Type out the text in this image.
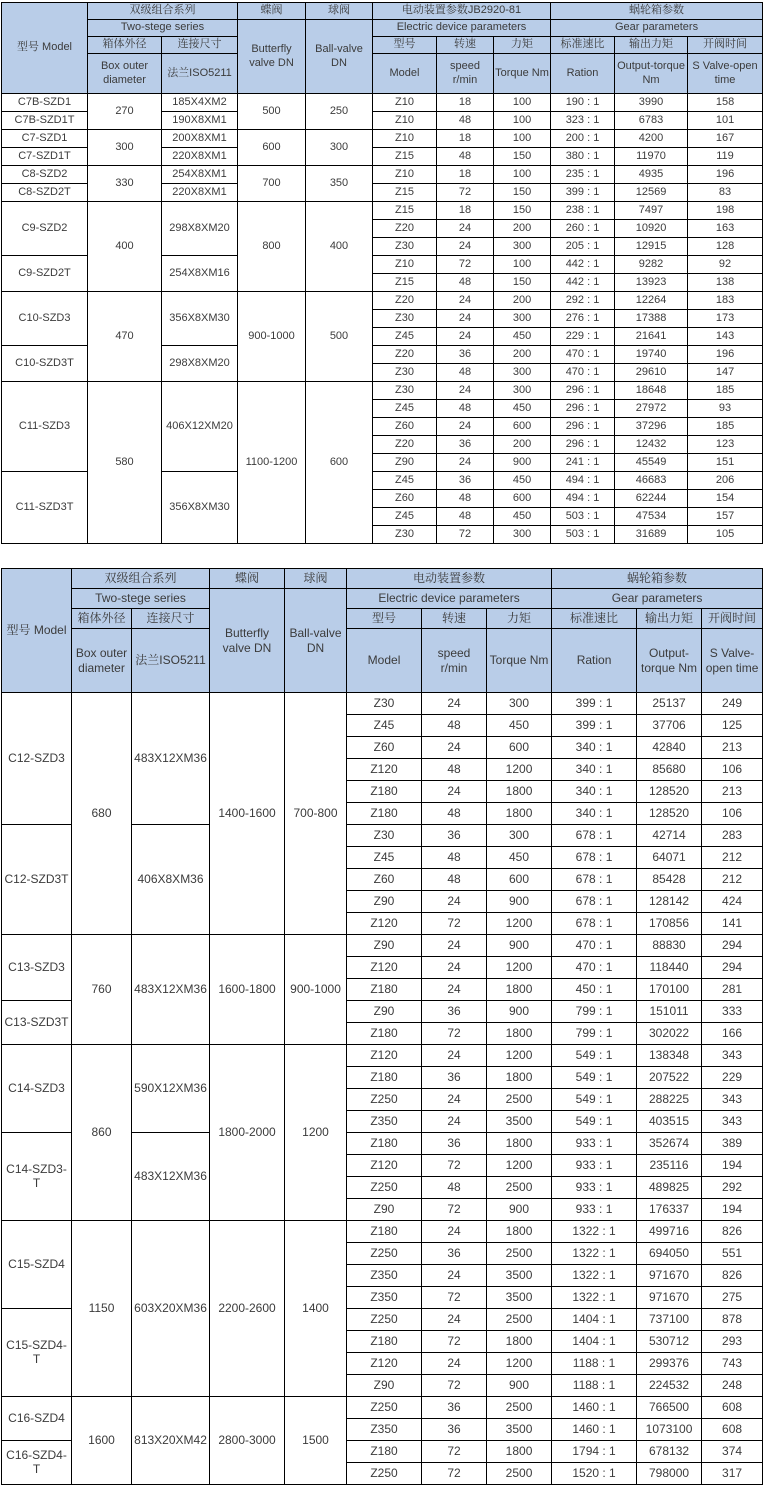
型号 Model	双级组合系列		蝶阀	球阀	电动装置参数JB2920-81			蜗轮箱参数		
	Two-stege series		Butterfly valve DN	Ball-valve DN	Electric device parameters			Gear parameters		
	箱体外径	连接尺寸			型号	转速	力矩	标准速比	输出力矩	开阀时间
	Box outer diameter	法兰ISO5211			Model	speed r/min	Torque Nm	Ration	Output-torque Nm	S Valve-open time
C7B-SZD1	270	185X4XM2	500	250	Z10	18	100	190 : 1	3990	158
C7B-SZD1T		190X8XM1			Z10	48	100	323 : 1	6783	101
C7-SZD1	300	200X8XM1	600	300	Z10	18	100	200 : 1	4200	167
C7-SZD1T		220X8XM1			Z15	48	150	380 : 1	11970	119
C8-SZD2	330	254X8XM1	700	350	Z10	18	100	235 : 1	4935	196
C8-SZD2T		220X8XM1			Z15	72	150	399 : 1	12569	83
C9-SZD2	400	298X8XM20	800	400	Z15	18	150	238 : 1	7497	198
					Z20	24	200	260 : 1	10920	163
					Z30	24	300	205 : 1	12915	128
C9-SZD2T		254X8XM16			Z10	72	100	442 : 1	9282	92
					Z15	48	150	442 : 1	13923	138
C10-SZD3	470	356X8XM30	900-1000	500	Z20	24	200	292 : 1	12264	183
					Z30	24	300	276 : 1	17388	173
					Z45	24	450	229 : 1	21641	143
C10-SZD3T		298X8XM20			Z20	36	200	470 : 1	19740	196
					Z30	48	300	470 : 1	29610	147
C11-SZD3	580	406X12XM20	1100-1200	600	Z30	24	300	296 : 1	18648	185
					Z45	48	450	296 : 1	27972	93
					Z60	24	600	296 : 1	37296	185
					Z20	36	200	296 : 1	12432	123
					Z90	24	900	241 : 1	45549	151
C11-SZD3T		356X8XM30			Z45	36	450	494 : 1	46683	206
					Z60	48	600	494 : 1	62244	154
					Z45	48	450	503 : 1	47534	157
					Z30	72	300	503 : 1	31689	105
型号 Model	双级组合系列		蝶阀	球阀	电动装置参数			蜗轮箱参数		
	Two-stege series		Butterfly valve DN	Ball-valve DN	Electric device parameters			Gear parameters		
	箱体外径	连接尺寸			型号	转速	力矩	标准速比	输出力矩	开阀时间
	Box outer diameter	法兰ISO5211			Model	speed r/min	Torque Nm	Ration	Output-torque Nm	S Valve-open time
C12-SZD3	680	483X12XM36	1400-1600	700-800	Z30	24	300	399 : 1	25137	249
					Z45	48	450	399 : 1	37706	125
					Z60	24	600	340 : 1	42840	213
					Z120	48	1200	340 : 1	85680	106
					Z180	24	1800	340 : 1	128520	213
					Z180	48	1800	340 : 1	128520	106
C12-SZD3T		406X8XM36			Z30	36	300	678 : 1	42714	283
					Z45	48	450	678 : 1	64071	212
					Z60	48	600	678 : 1	85428	212
					Z90	24	900	678 : 1	128142	424
					Z120	72	1200	678 : 1	170856	141
C13-SZD3	760	483X12XM36	1600-1800	900-1000	Z90	24	900	470 : 1	88830	294
					Z120	24	1200	470 : 1	118440	294
					Z180	24	1800	450 : 1	170100	281
C13-SZD3T					Z90	36	900	799 : 1	151011	333
					Z180	72	1800	799 : 1	302022	166
C14-SZD3	860	590X12XM36	1800-2000	1200	Z120	24	1200	549 : 1	138348	343
					Z180	36	1800	549 : 1	207522	229
					Z250	24	2500	549 : 1	288225	343
					Z350	24	3500	549 : 1	403515	343
C14-SZD3-T		483X12XM36			Z180	36	1800	933 : 1	352674	389
					Z120	72	1200	933 : 1	235116	194
					Z250	48	2500	933 : 1	489825	292
					Z90	72	900	933 : 1	176337	194
C15-SZD4	1150	603X20XM36	2200-2600	1400	Z180	24	1800	1322 : 1	499716	826
					Z250	36	2500	1322 : 1	694050	551
					Z350	24	3500	1322 : 1	971670	826
					Z350	72	3500	1322 : 1	971670	275
C15-SZD4-T					Z250	24	2500	1404 : 1	737100	878
					Z180	72	1800	1404 : 1	530712	293
					Z120	24	1200	1188 : 1	299376	743
					Z90	72	900	1188 : 1	224532	248
C16-SZD4	1600	813X20XM42	2800-3000	1500	Z250	36	2500	1460 : 1	766500	608
					Z350	36	3500	1460 : 1	1073100	608
C16-SZD4-T					Z180	72	1800	1794 : 1	678132	374
					Z250	72	2500	1520 : 1	798000	317
